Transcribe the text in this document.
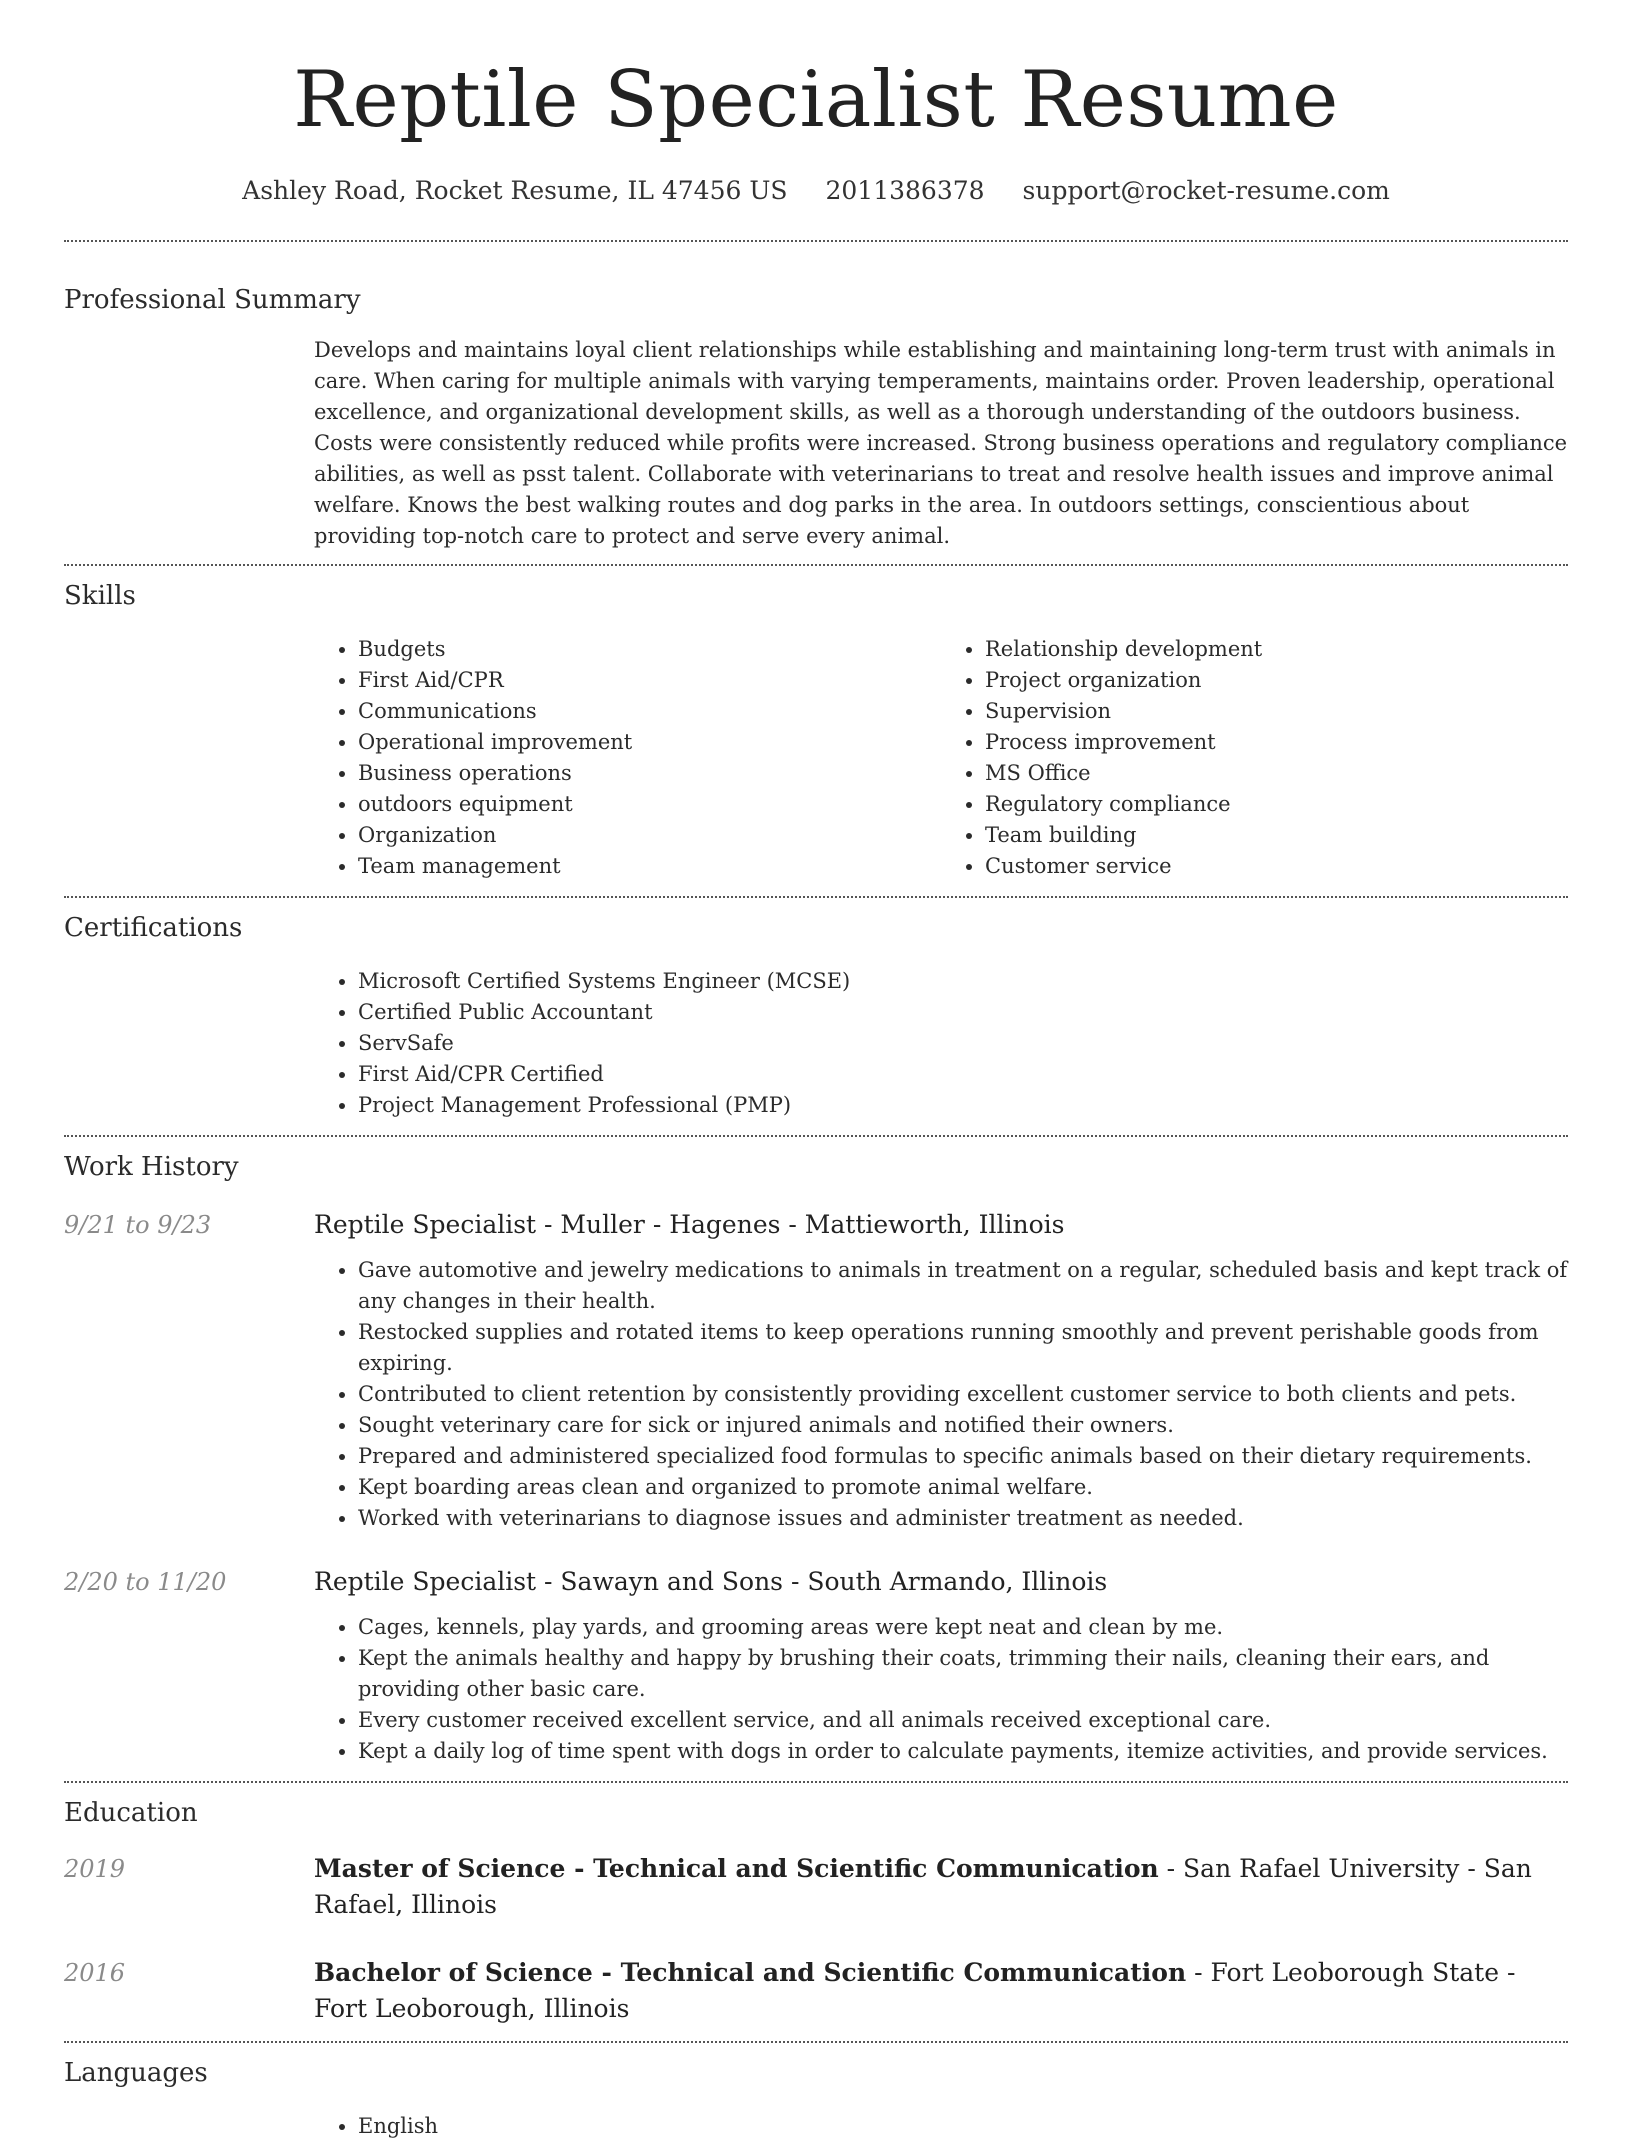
Reptile Specialist Resume
Ashley Road, Rocket Resume, IL 47456 US 2011386378 support@rocket-resume.com
Professional Summary

Develops and maintains loyal client relationships while establishing and maintaining long-term trust with animals in care. When caring for multiple animals with varying temperaments, maintains order. Proven leadership, operational excellence, and organizational development skills, as well as a thorough understanding of the outdoors business. Costs were consistently reduced while profits were increased. Strong business operations and regulatory compliance abilities, as well as psst talent. Collaborate with veterinarians to treat and resolve health issues and improve animal welfare. Knows the best walking routes and dog parks in the area. In outdoors settings, conscientious about providing top-notch care to protect and serve every animal.

Skills
• Budgets
• First Aid/CPR
• Communications
• Operational improvement
• Business operations
• outdoors equipment
• Organization
• Team management
• Relationship development
• Project organization
• Supervision
• Process improvement
• MS Office
• Regulatory compliance
• Team building
• Customer service
Certifications
• Microsoft Certified Systems Engineer (MCSE)
• Certified Public Accountant
• ServSafe
• First Aid/CPR Certified
• Project Management Professional (PMP)
Work History
9/21 to 9/23	Reptile Specialist - Muller - Hagenes - Mattieworth, Illinois
• Gave automotive and jewelry medications to animals in treatment on a regular, scheduled basis and kept track of any changes in their health.
• Restocked supplies and rotated items to keep operations running smoothly and prevent perishable goods from expiring.
• Contributed to client retention by consistently providing excellent customer service to both clients and pets.
• Sought veterinary care for sick or injured animals and notified their owners.
• Prepared and administered specialized food formulas to specific animals based on their dietary requirements.
• Kept boarding areas clean and organized to promote animal welfare.
• Worked with veterinarians to diagnose issues and administer treatment as needed.
2/20 to 11/20	Reptile Specialist - Sawayn and Sons - South Armando, Illinois
• Cages, kennels, play yards, and grooming areas were kept neat and clean by me.
• Kept the animals healthy and happy by brushing their coats, trimming their nails, cleaning their ears, and providing other basic care.
• Every customer received excellent service, and all animals received exceptional care.
• Kept a daily log of time spent with dogs in order to calculate payments, itemize activities, and provide services.
Education
2019	Master of Science - Technical and Scientific Communication - San Rafael University - San Rafael, Illinois
2016	Bachelor of Science - Technical and Scientific Communication - Fort Leoborough State - Fort Leoborough, Illinois
Languages
• English
